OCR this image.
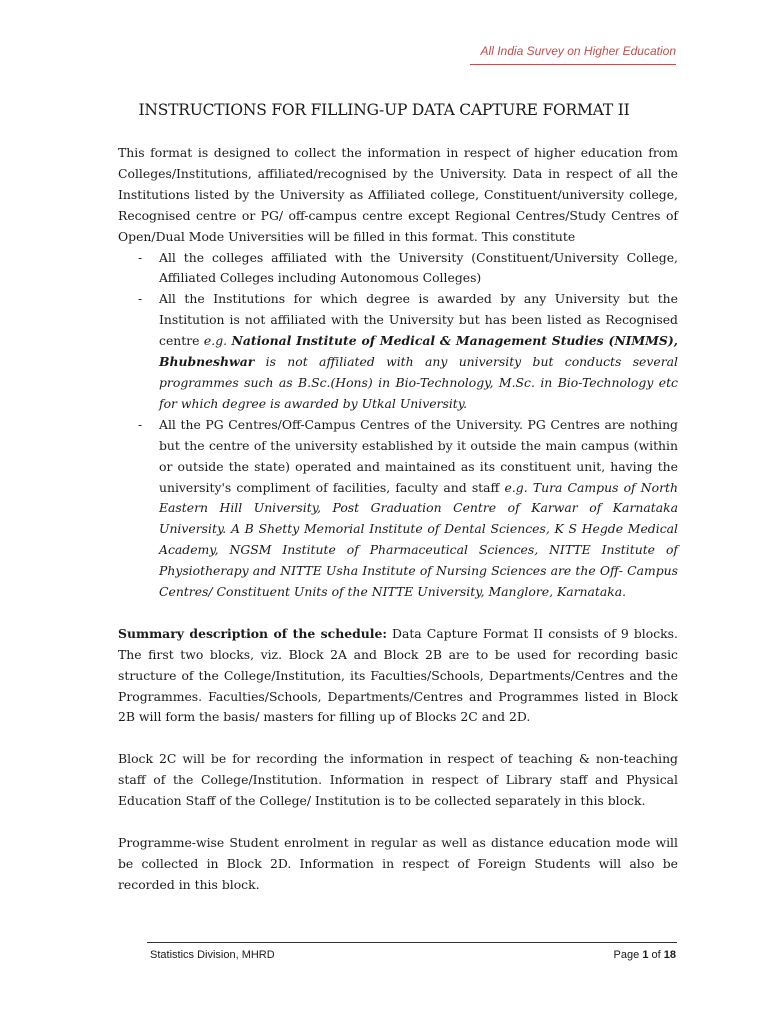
All India Survey on Higher Education
INSTRUCTIONS FOR FILLING-UP DATA CAPTURE FORMAT II

This format is designed to collect the information in respect of higher education from Colleges/Institutions, affiliated/recognised by the University. Data in respect of all the Institutions listed by the University as Affiliated college, Constituent/university college, Recognised centre or PG/ off-campus centre except Regional Centres/Study Centres of Open/Dual Mode Universities will be filled in this format. This constitute

- All the colleges affiliated with the University (Constituent/University College, Affiliated Colleges including Autonomous Colleges)
- All the Institutions for which degree is awarded by any University but the Institution is not affiliated with the University but has been listed as Recognised centre e.g. National Institute of Medical & Management Studies (NIMMS), Bhubneshwar is not affiliated with any university but conducts several programmes such as B.Sc.(Hons) in Bio-Technology, M.Sc. in Bio-Technology etc for which degree is awarded by Utkal University.
- All the PG Centres/Off-Campus Centres of the University. PG Centres are nothing but the centre of the university established by it outside the main campus (within or outside the state) operated and maintained as its constituent unit, having the university's compliment of facilities, faculty and staff e.g. Tura Campus of North Eastern Hill University, Post Graduation Centre of Karwar of Karnataka University. A B Shetty Memorial Institute of Dental Sciences, K S Hegde Medical Academy, NGSM Institute of Pharmaceutical Sciences, NITTE Institute of Physiotherapy and NITTE Usha Institute of Nursing Sciences are the Off- Campus Centres/ Constituent Units of the NITTE University, Manglore, Karnataka.

Summary description of the schedule: Data Capture Format II consists of 9 blocks. The first two blocks, viz. Block 2A and Block 2B are to be used for recording basic structure of the College/Institution, its Faculties/Schools, Departments/Centres and the Programmes. Faculties/Schools, Departments/Centres and Programmes listed in Block 2B will form the basis/ masters for filling up of Blocks 2C and 2D.

Block 2C will be for recording the information in respect of teaching & non-teaching staff of the College/Institution. Information in respect of Library staff and Physical Education Staff of the College/ Institution is to be collected separately in this block.

Programme-wise Student enrolment in regular as well as distance education mode will be collected in Block 2D. Information in respect of Foreign Students will also be recorded in this block.

Statistics Division, MHRD	Page 1 of 18
